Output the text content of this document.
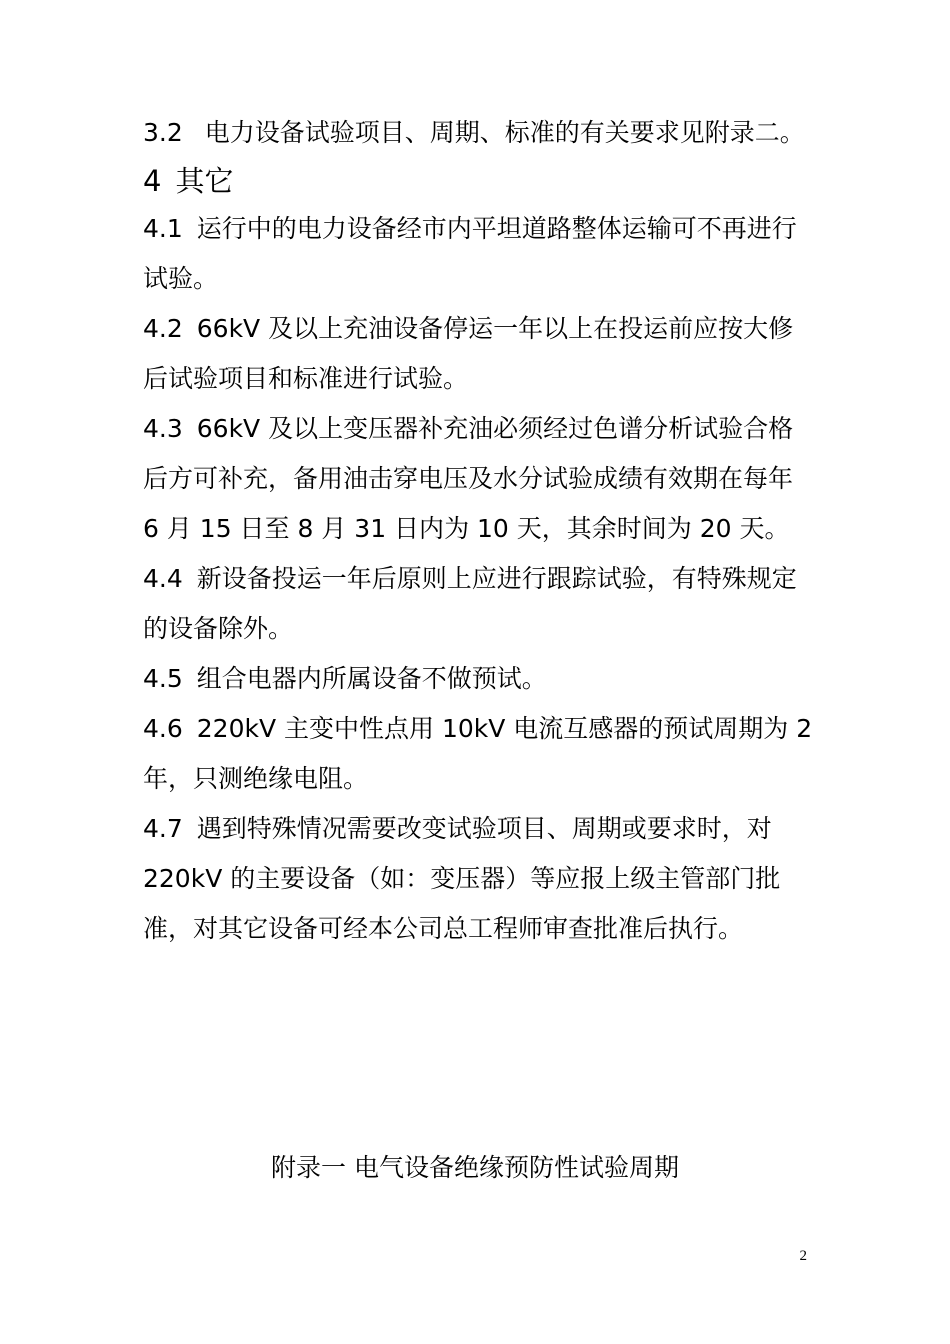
3.2 电力设备试验项目、周期、标准的有关要求见附录二。

4 其它

4.1 运行中的电力设备经市内平坦道路整体运输可不再进行试验。

4.2 66kV 及以上充油设备停运一年以上在投运前应按大修后试验项目和标准进行试验。

4.3 66kV 及以上变压器补充油必须经过色谱分析试验合格后方可补充，备用油击穿电压及水分试验成绩有效期在每年 6 月 15 日至 8 月 31 日内为 10 天，其余时间为 20 天。

4.4 新设备投运一年后原则上应进行跟踪试验，有特殊规定的设备除外。

4.5 组合电器内所属设备不做预试。

4.6 220kV 主变中性点用 10kV 电流互感器的预试周期为 2 年，只测绝缘电阻。

4.7 遇到特殊情况需要改变试验项目、周期或要求时，对 220kV 的主要设备（如：变压器）等应报上级主管部门批准，对其它设备可经本公司总工程师审查批准后执行。

附录一 电气设备绝缘预防性试验周期
2
